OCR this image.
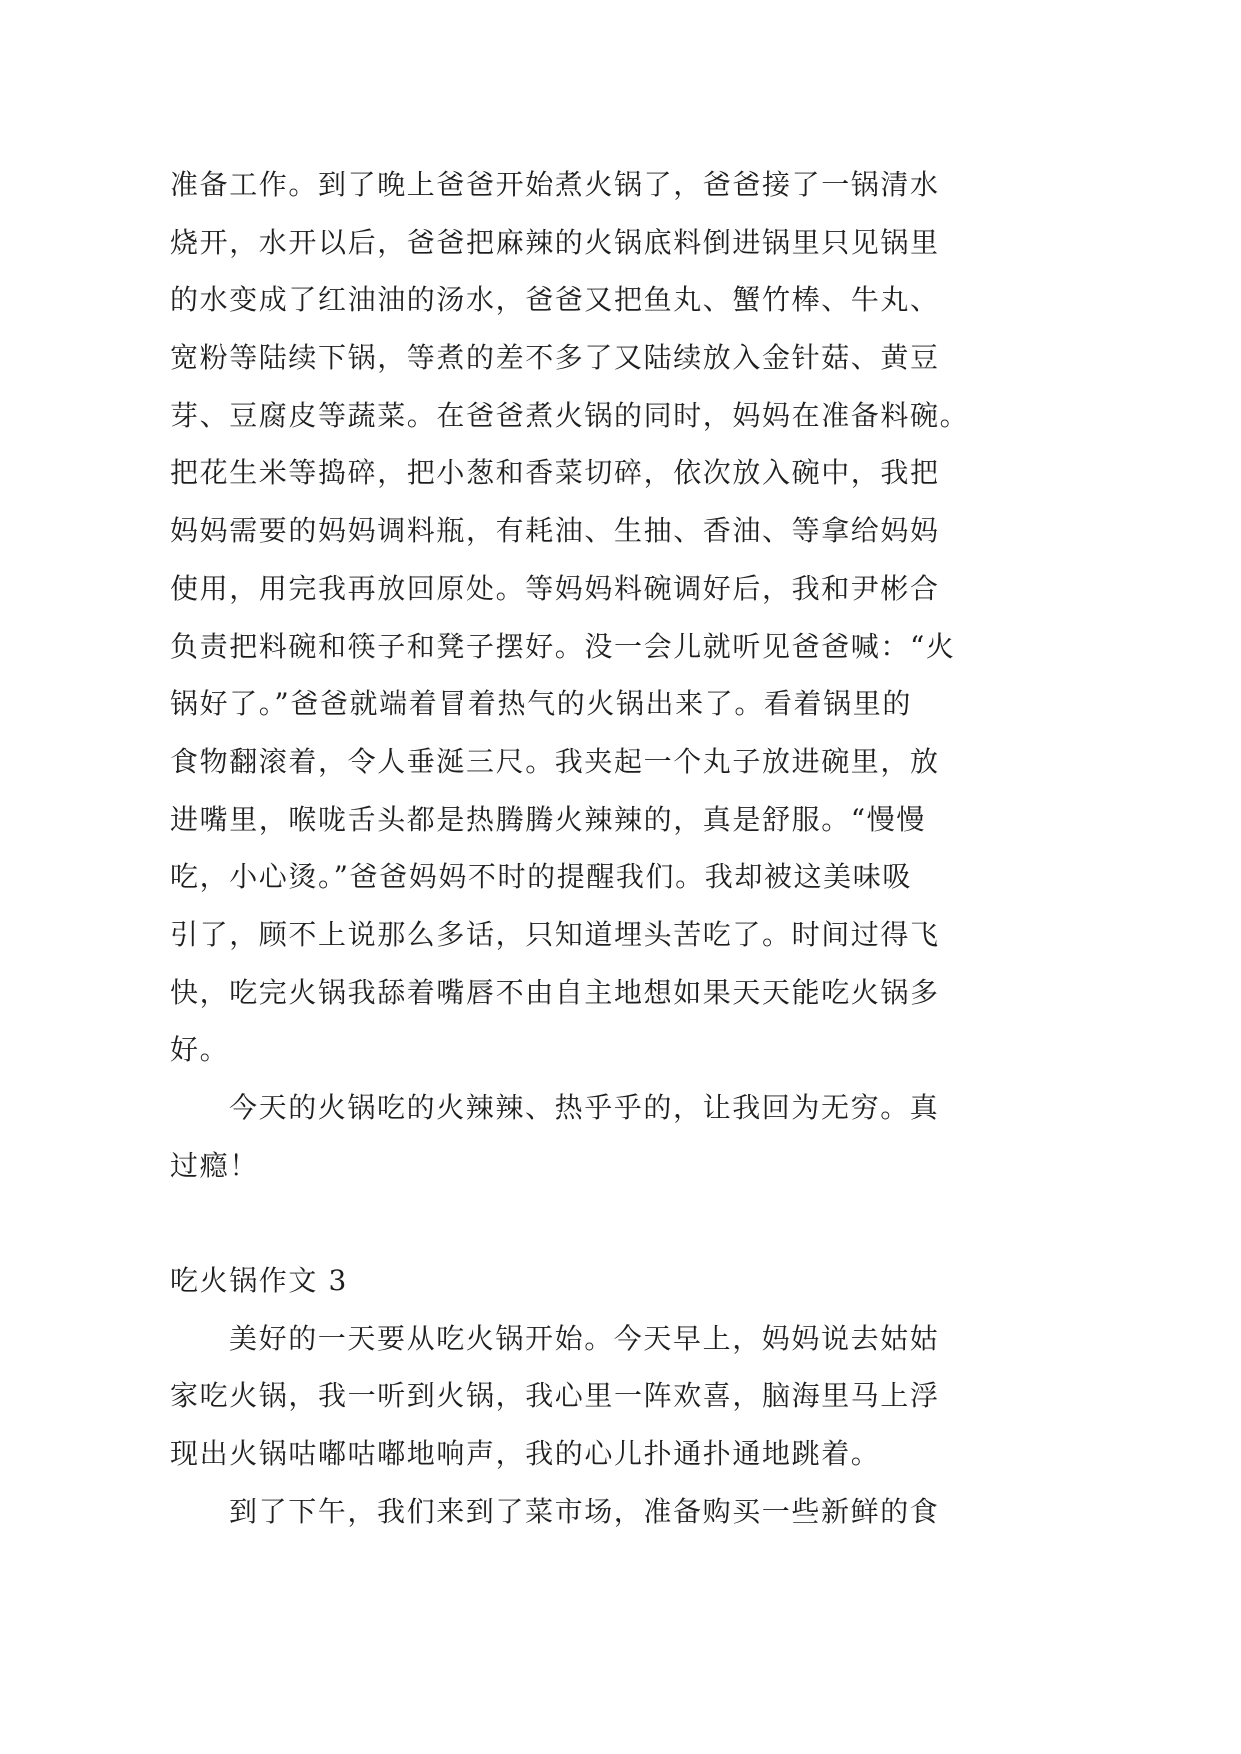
准备工作。到了晚上爸爸开始煮火锅了，爸爸接了一锅清水
烧开，水开以后，爸爸把麻辣的火锅底料倒进锅里只见锅里
的水变成了红油油的汤水，爸爸又把鱼丸、蟹竹棒、牛丸、
宽粉等陆续下锅，等煮的差不多了又陆续放入金针菇、黄豆
芽、豆腐皮等蔬菜。在爸爸煮火锅的同时，妈妈在准备料碗。
把花生米等捣碎，把小葱和香菜切碎，依次放入碗中，我把
妈妈需要的妈妈调料瓶，有耗油、生抽、香油、等拿给妈妈
使用，用完我再放回原处。等妈妈料碗调好后，我和尹彬合
负责把料碗和筷子和凳子摆好。没一会儿就听见爸爸喊：“火
锅好了。”爸爸就端着冒着热气的火锅出来了。看着锅里的
食物翻滚着，令人垂涎三尺。我夹起一个丸子放进碗里，放
进嘴里，喉咙舌头都是热腾腾火辣辣的，真是舒服。“慢慢
吃，小心烫。”爸爸妈妈不时的提醒我们。我却被这美味吸
引了，顾不上说那么多话，只知道埋头苦吃了。时间过得飞
快，吃完火锅我舔着嘴唇不由自主地想如果天天能吃火锅多
好。
今天的火锅吃的火辣辣、热乎乎的，让我回为无穷。真
过瘾！
吃火锅作文 3
美好的一天要从吃火锅开始。今天早上，妈妈说去姑姑
家吃火锅，我一听到火锅，我心里一阵欢喜，脑海里马上浮
现出火锅咕嘟咕嘟地响声，我的心儿扑通扑通地跳着。
到了下午，我们来到了菜市场，准备购买一些新鲜的食
